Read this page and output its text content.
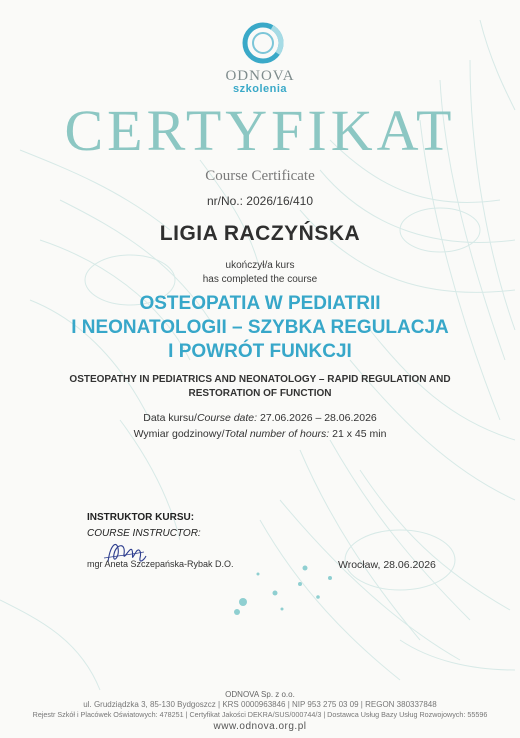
ODNOVA
szkolenia
CERTYFIKAT
Course Certificate
nr/No.: 2026/16/410
LIGIA RACZYŃSKA
ukończył/a kurs
has completed the course
OSTEOPATIA W PEDIATRII
I NEONATOLOGII – SZYBKA REGULACJA
I POWRÓT FUNKCJI
OSTEOPATHY IN PEDIATRICS AND NEONATOLOGY – RAPID REGULATION AND RESTORATION OF FUNCTION
Data kursu/Course date: 27.06.2026 – 28.06.2026
Wymiar godzinowy/Total number of hours: 21 x 45 min
INSTRUKTOR KURSU:
COURSE INSTRUCTOR:
mgr Aneta Szczepańska-Rybak D.O.	Wrocław, 28.06.2026
ODNOVA Sp. z o.o.
ul. Grudziądzka 3, 85-130 Bydgoszcz | KRS 0000963846 | NIP 953 275 03 09 | REGON 380337848
Rejestr Szkół i Placówek Oświatowych: 478251 | Certyfikat Jakości DEKRA/SUS/000744/3 | Dostawca Usług Bazy Usług Rozwojowych: 55596
www.odnova.org.pl
